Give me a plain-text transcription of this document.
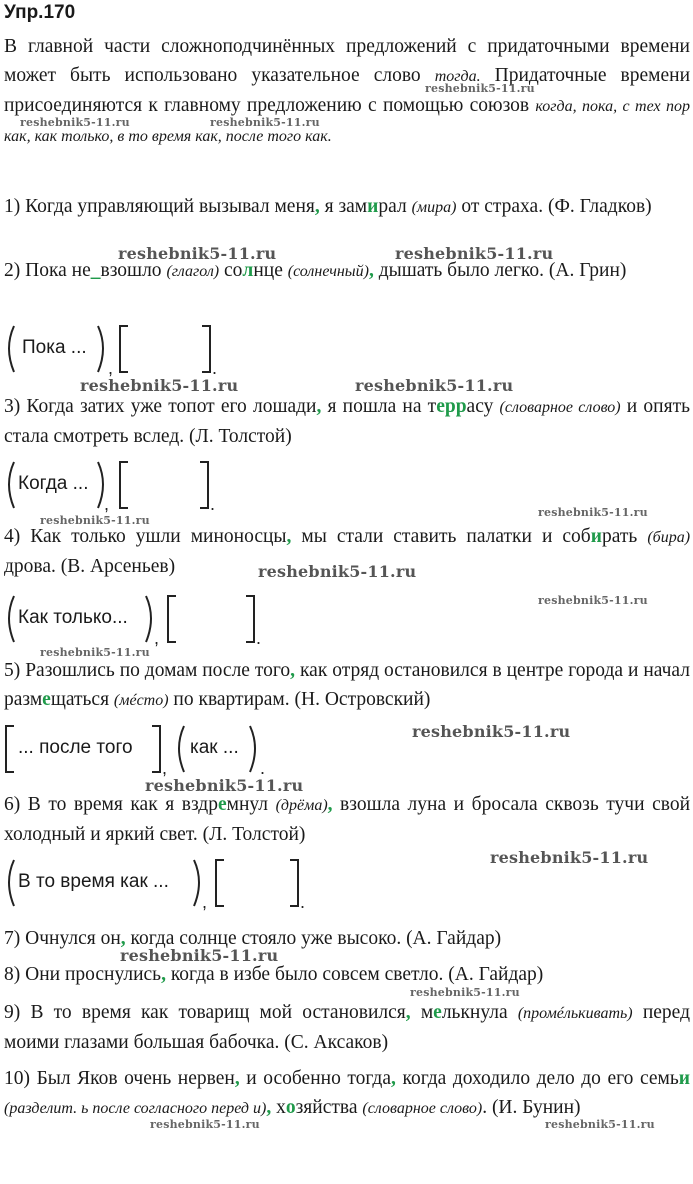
Упр.170

В главной части сложноподчинённых предложений с придаточными времени может быть использовано указательное слово тогда. Придаточные времени присоединяются к главному предложению с помощью союзов когда, пока, с тех пор как, как только, в то время как, после того как.

1) Когда управляющий вызывал меня, я замирал (мира) от страха. (Ф. Гладков)

2) Пока не_взошло (глагол) солнце (солнечный), дышать было легко. (А. Грин)

,	.
Пока ...

3) Когда затих уже топот его лошади, я пошла на террасу (словарное слово) и опять стала смотреть вслед. (Л. Толстой)

,	.
Когда ...

4) Как только ушли миноносцы, мы стали ставить палатки и собирать (бира) дрова. (В. Арсеньев)

,	.
Как только...

5) Разошлись по домам после того, как отряд остановился в центре города и начал размещаться (мéсто) по квартирам. (Н. Островский)

,	.
... после того	как ...

6) В то время как я вздремнул (дрёма), взошла луна и бросала сквозь тучи свой холодный и яркий свет. (Л. Толстой)

,	.
В то время как ...

7) Очнулся он, когда солнце стояло уже высоко. (А. Гайдар)

8) Они проснулись, когда в избе было совсем светло. (А. Гайдар)

9) В то время как товарищ мой остановился, мелькнула (промéлькивать) перед моими глазами большая бабочка. (С. Аксаков)

10) Был Яков очень нервен, и особенно тогда, когда доходило дело до его семьи (разделит. ь после согласного перед и), хозяйства (словарное слово). (И. Бунин)

reshebnik5-11.ru	reshebnik5-11.ru
reshebnik5-11.ru
reshebnik5-11.ru	reshebnik5-11.ru
reshebnik5-11.ru	reshebnik5-11.ru
reshebnik5-11.ru
reshebnik5-11.ru
reshebnik5-11.ru
reshebnik5-11.ru
reshebnik5-11.ru
reshebnik5-11.ru
reshebnik5-11.ru
reshebnik5-11.ru
reshebnik5-11.ru
reshebnik5-11.ru
reshebnik5-11.ru	reshebnik5-11.ru
